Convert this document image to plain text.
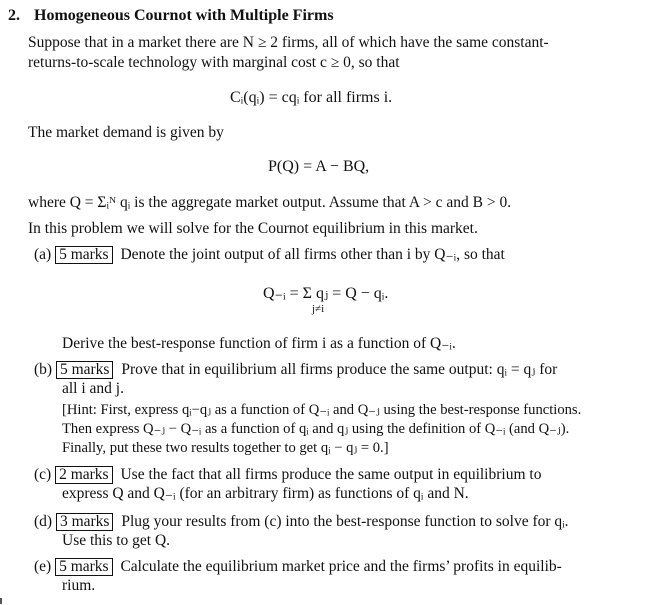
2. Homogeneous Cournot with Multiple Firms
Suppose that in a market there are N ≥ 2 firms, all of which have the same constant-
returns-to-scale technology with marginal cost c ≥ 0, so that
Cᵢ(qᵢ) = cqᵢ for all firms i.
The market demand is given by
P(Q) = A − BQ,
where Q = Σᵢᴺ qᵢ is the aggregate market output. Assume that A > c and B > 0.
In this problem we will solve for the Cournot equilibrium in this market.
(a) 5 marks Denote the joint output of all firms other than i by Q₋ᵢ, so that
Q₋ᵢ = Σ qⱼ = Q − qᵢ.
j≠i
Derive the best-response function of firm i as a function of Q₋ᵢ.
(b) 5 marks Prove that in equilibrium all firms produce the same output: qᵢ = qⱼ for
all i and j.
[Hint: First, express qᵢ−qⱼ as a function of Q₋ᵢ and Q₋ⱼ using the best-response functions.
Then express Q₋ⱼ − Q₋ᵢ as a function of qᵢ and qⱼ using the definition of Q₋ᵢ (and Q₋ⱼ).
Finally, put these two results together to get qᵢ − qⱼ = 0.]
(c) 2 marks Use the fact that all firms produce the same output in equilibrium to
express Q and Q₋ᵢ (for an arbitrary firm) as functions of qᵢ and N.
(d) 3 marks Plug your results from (c) into the best-response function to solve for qᵢ.
Use this to get Q.
(e) 5 marks Calculate the equilibrium market price and the firms’ profits in equilib-
rium.
